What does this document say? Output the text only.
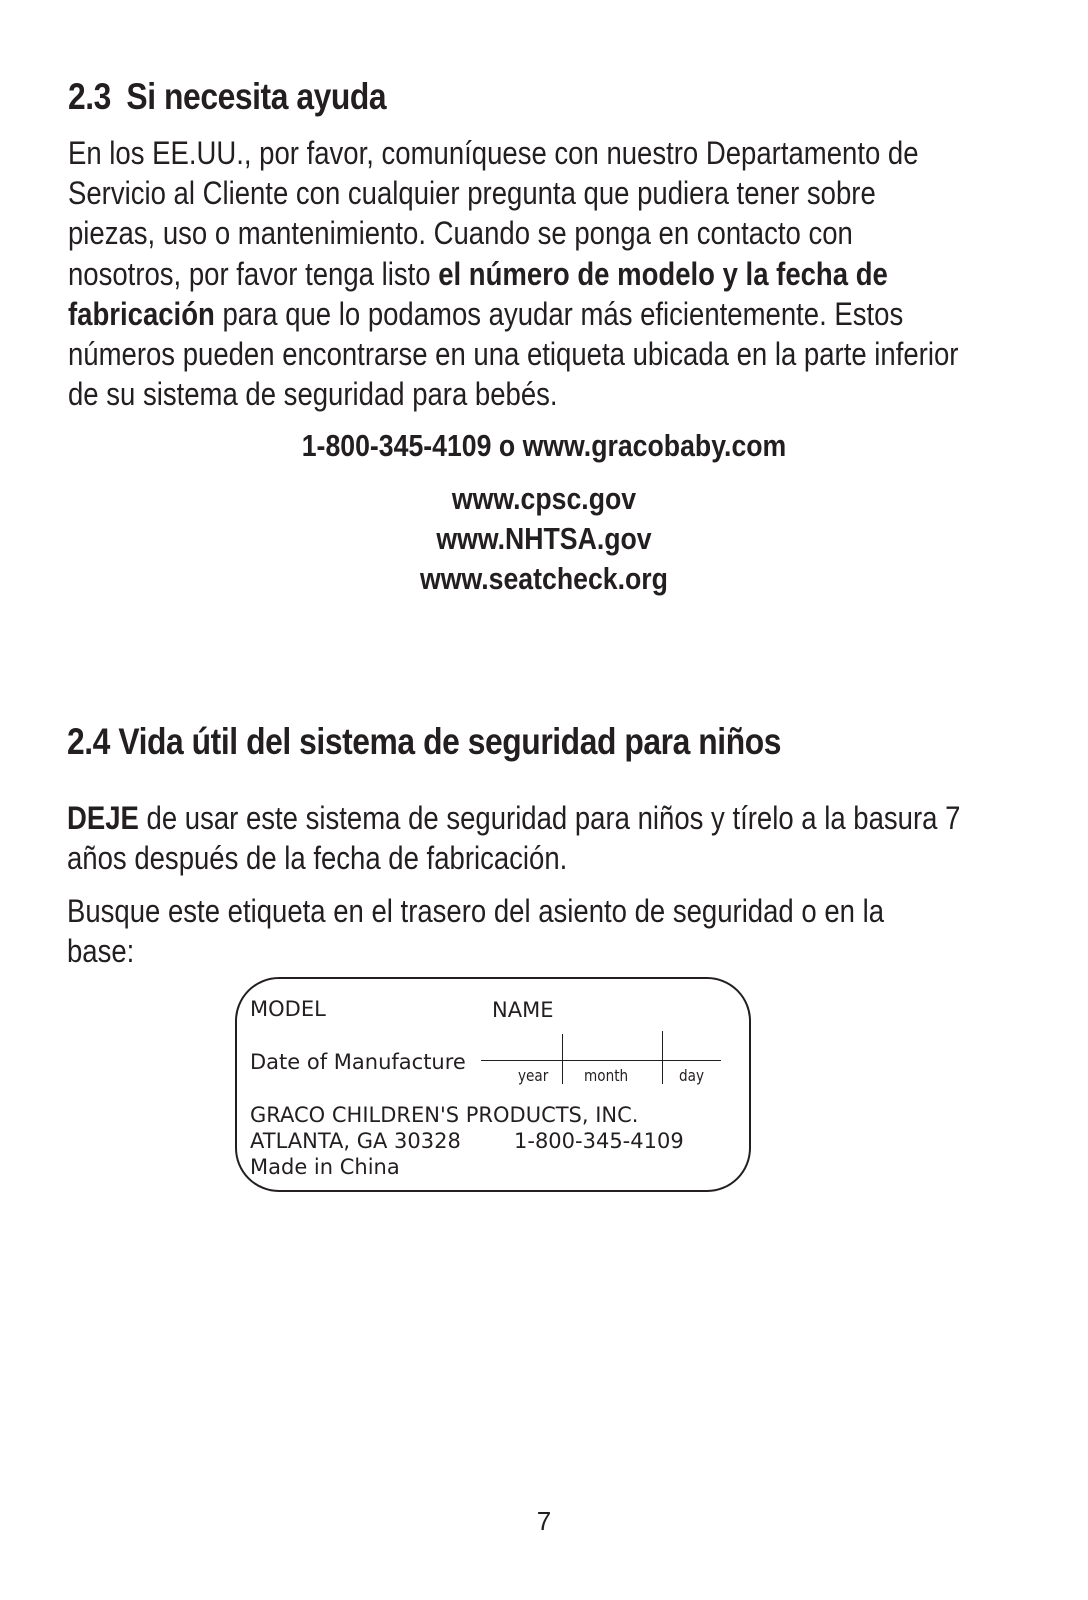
2.3 Si necesita ayuda

En los EE.UU., por favor, comuníquese con nuestro Departamento de Servicio al Cliente con cualquier pregunta que pudiera tener sobre piezas, uso o mantenimiento. Cuando se ponga en contacto con nosotros, por favor tenga listo el número de modelo y la fecha de fabricación para que lo podamos ayudar más eficientemente. Estos números pueden encontrarse en una etiqueta ubicada en la parte inferior de su sistema de seguridad para bebés.

1-800-345-4109 o www.gracobaby.com
www.cpsc.gov
www.NHTSA.gov
www.seatcheck.org
2.4 Vida útil del sistema de seguridad para niños

DEJE de usar este sistema de seguridad para niños y tírelo a la basura 7 años después de la fecha de fabricación.

Busque este etiqueta en el trasero del asiento de seguridad o en la base:

MODEL	NAME
Date of Manufacture
year month	day
GRACO CHILDREN'S PRODUCTS, INC.
ATLANTA, GA 30328	1-800-345-4109
Made in China
7
